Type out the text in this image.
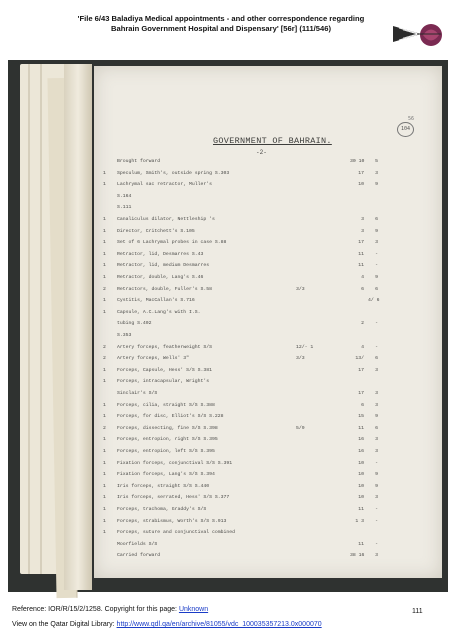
'File 6/43 Baladiya Medical appointments - and other correspondence regarding
Bahrain Government Hospital and Dispensary' [56r] (111/546)
56
104
GOVERNMENT OF BAHRAIN.
-2-
Brought forward	30 10	5
1 Speculum, Smith's, outside spring S.303	17	3
1 Lachrymal sac retractor, Muller's	10	9
S.164
S.111
1 Canaliculus dilator, Nettleship 's	3	6
1 Director, Critchett's S.105	3	9
1 Set of 6 Lachrymal probes in case S.88	17	3
1 Retractor, lid, Desmarres S.43	11	-
1 Retractor, lid, medium Desmarres	11	-
1 Retractor, double, Lang's S.46	4	9
2 Retractors, double, Fuller's S.58	3/3	6	6
1 Cystitis, MacCallan's S.716	4/ 6
1 Capsule, A.C.Lang's with I.S.
tubing S.402	2	-
S.353
2 Artery forceps, featherweight S/S	12/- 1	4	-
2 Artery forceps, Wells' 3"	3/3	13/	6
1 Forceps, Capsule, Hess' S/S S.381	17	3
1 Forceps, intracapsular, Wright's
Sinclair's S/S	17	3
1 Forceps, cilia, straight S/S S.388	6	3
1 Forceps, for disc, Elliot's S/S S.228	15	9
2 Forceps, dissecting, fine S/S S.398	5/9	11	6
1 Forceps, entropion, right S/S S.395	16	3
1 Forceps, entropion, left S/S S.395	16	3
1 Fixation forceps, conjunctival S/S S.391	10	-
1 Fixation forceps, Lang's S/S S.394	10	9
1 Iris forceps, straight S/S S.440	10	9
1 Iris forceps, serrated, Hess' S/S S.377	10	3
1 Forceps, trachoma, Graddy's S/S	11	-
1 Forceps, strabismus, Worth's S/S S.913	1 3	-
1 Forceps, suture and conjunctival combined
Moorfields S/S	11	-
Carried forward	38 16	3
Reference: IOR/R/15/2/1258. Copyright for this page: Unknown
View on the Qatar Digital Library: http://www.qdl.qa/en/archive/81055/vdc_100035357213.0x000070
111
